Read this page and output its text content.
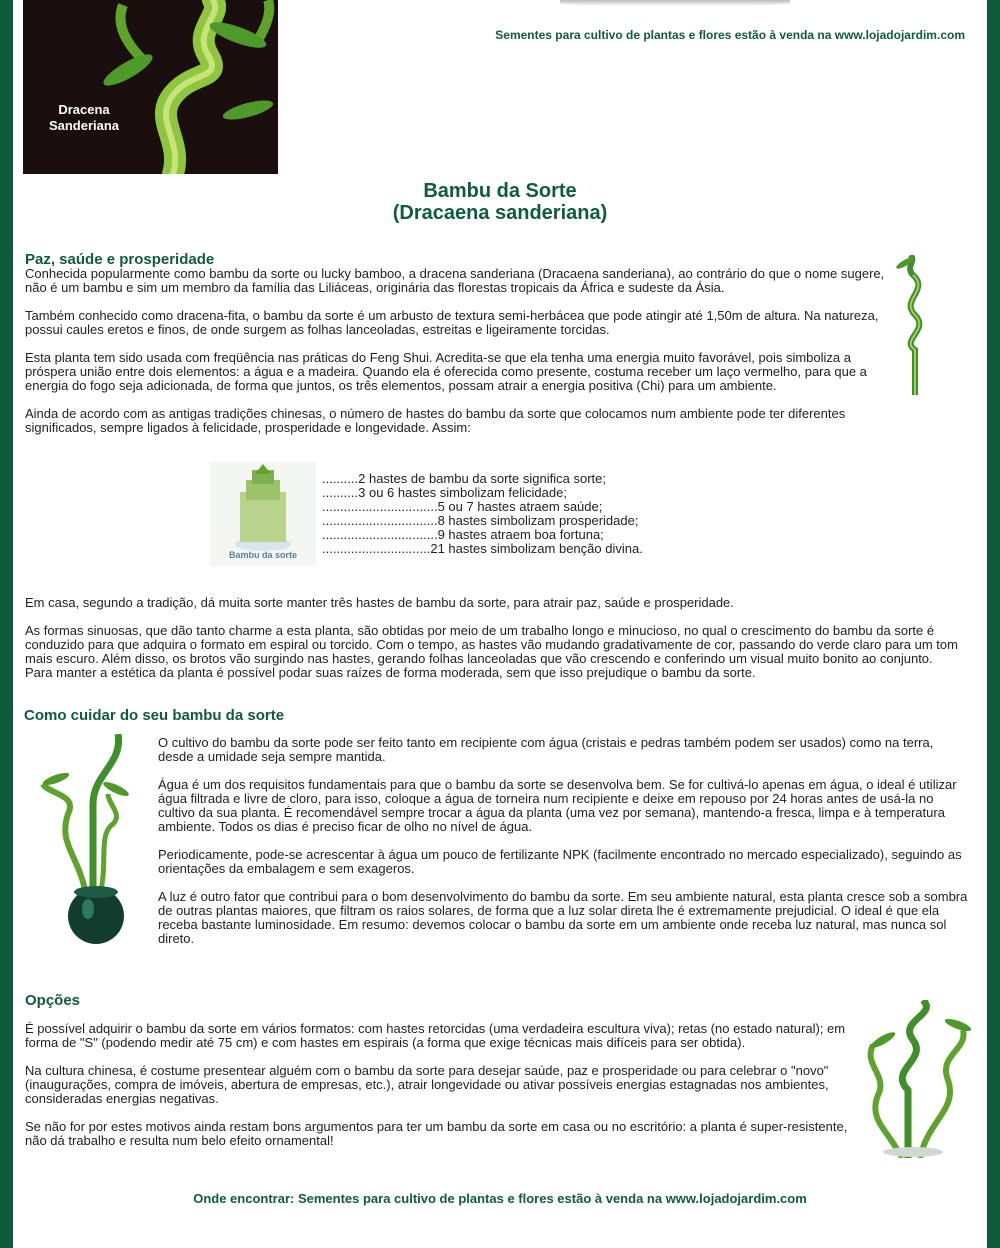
Dracena
Sanderiana
Sementes para cultivo de plantas e flores estão à venda na www.lojadojardim.com
Bambu da Sorte
(Dracaena sanderiana)
Paz, saúde e prosperidade

Conhecida popularmente como bambu da sorte ou lucky bamboo, a dracena sanderiana (Dracaena sanderiana), ao contrário do que o nome sugere, não é um bambu e sim um membro da família das Liliáceas, originária das florestas tropicais da África e sudeste da Ásia.

Também conhecido como dracena-fita, o bambu da sorte é um arbusto de textura semi-herbácea que pode atingir até 1,50m de altura. Na natureza, possui caules eretos e finos, de onde surgem as folhas lanceoladas, estreitas e ligeiramente torcidas.

Esta planta tem sido usada com freqüência nas práticas do Feng Shui. Acredita-se que ela tenha uma energia muito favorável, pois simboliza a próspera união entre dois elementos: a água e a madeira. Quando ela é oferecida como presente, costuma receber um laço vermelho, para que a energia do fogo seja adicionada, de forma que juntos, os três elementos, possam atrair a energia positiva (Chi) para um ambiente.

Ainda de acordo com as antigas tradições chinesas, o número de hastes do bambu da sorte que colocamos num ambiente pode ter diferentes significados, sempre ligados à felicidade, prosperidade e longevidade. Assim:

Bambu da sorte
..........2 hastes de bambu da sorte significa sorte;
..........3 ou 6 hastes simbolizam felicidade;
................................5 ou 7 hastes atraem saúde;
................................8 hastes simbolizam prosperidade;
................................9 hastes atraem boa fortuna;
..............................21 hastes simbolizam benção divina.

Em casa, segundo a tradição, dá muita sorte manter três hastes de bambu da sorte, para atrair paz, saúde e prosperidade.

As formas sinuosas, que dão tanto charme a esta planta, são obtidas por meio de um trabalho longo e minucioso, no qual o crescimento do bambu da sorte é conduzido para que adquira o formato em espiral ou torcido. Com o tempo, as hastes vão mudando gradativamente de cor, passando do verde claro para um tom mais escuro. Além disso, os brotos vão surgindo nas hastes, gerando folhas lanceoladas que vão crescendo e conferindo um visual muito bonito ao conjunto. Para manter a estética da planta é possível podar suas raízes de forma moderada, sem que isso prejudique o bambu da sorte.

Como cuidar do seu bambu da sorte

O cultivo do bambu da sorte pode ser feito tanto em recipiente com água (cristais e pedras também podem ser usados) como na terra, desde a umidade seja sempre mantida.

Água é um dos requisitos fundamentais para que o bambu da sorte se desenvolva bem. Se for cultivá-lo apenas em água, o ideal é utilizar água filtrada e livre de cloro, para isso, coloque a água de torneira num recipiente e deixe em repouso por 24 horas antes de usá-la no cultivo da sua planta. É recomendável sempre trocar a água da planta (uma vez por semana), mantendo-a fresca, limpa e à temperatura ambiente. Todos os dias é preciso ficar de olho no nível de água.

Periodicamente, pode-se acrescentar à água um pouco de fertilizante NPK (facilmente encontrado no mercado especializado), seguindo as orientações da embalagem e sem exageros.

A luz é outro fator que contribui para o bom desenvolvimento do bambu da sorte. Em seu ambiente natural, esta planta cresce sob a sombra de outras plantas maiores, que filtram os raios solares, de forma que a luz solar direta lhe é extremamente prejudicial. O ideal é que ela receba bastante luminosidade. Em resumo: devemos colocar o bambu da sorte em um ambiente onde receba luz natural, mas nunca sol direto.

Opções

É possível adquirir o bambu da sorte em vários formatos: com hastes retorcidas (uma verdadeira escultura viva); retas (no estado natural); em forma de "S" (podendo medir até 75 cm) e com hastes em espirais (a forma que exige técnicas mais difíceis para ser obtida).

Na cultura chinesa, é costume presentear alguém com o bambu da sorte para desejar saúde, paz e prosperidade ou para celebrar o "novo" (inaugurações, compra de imóveis, abertura de empresas, etc.), atrair longevidade ou ativar possíveis energias estagnadas nos ambientes, consideradas energias negativas.

Se não for por estes motivos ainda restam bons argumentos para ter um bambu da sorte em casa ou no escritório: a planta é super-resistente, não dá trabalho e resulta num belo efeito ornamental!

Onde encontrar: Sementes para cultivo de plantas e flores estão à venda na www.lojadojardim.com
